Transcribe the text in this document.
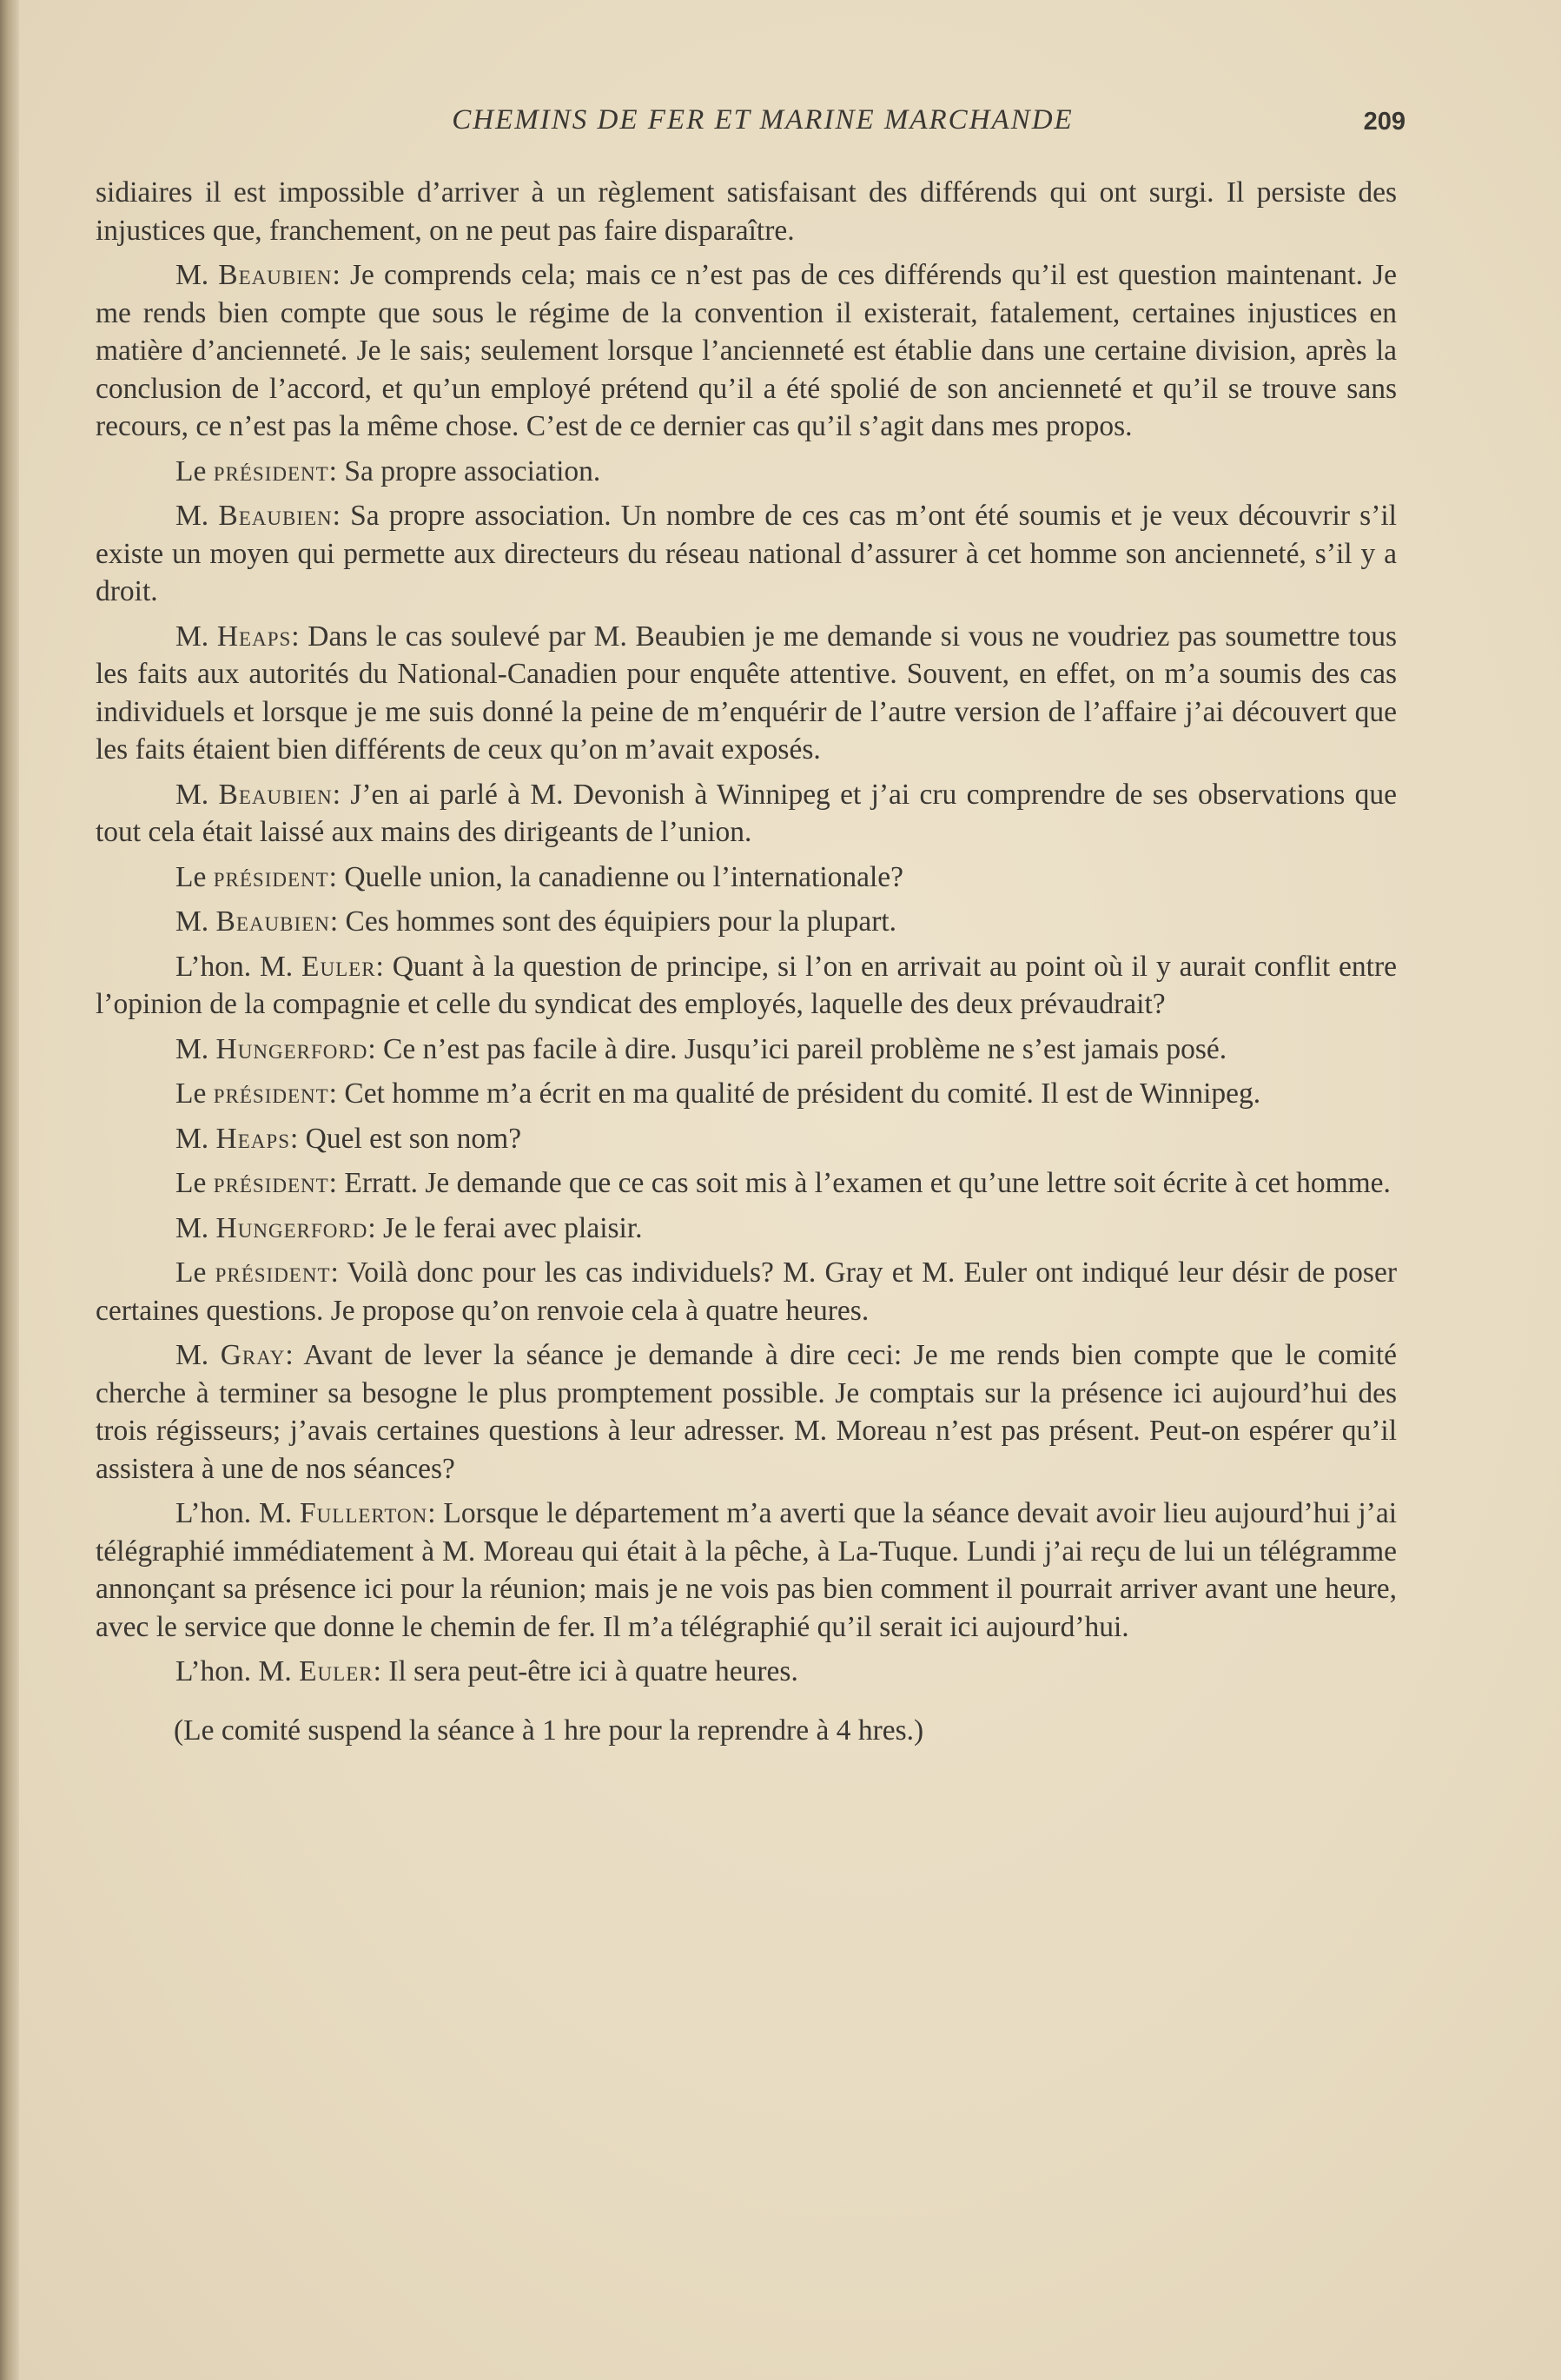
CHEMINS DE FER ET MARINE MARCHANDE	209

sidiaires il est impossible d’arriver à un règlement satisfaisant des différends qui ont surgi. Il persiste des injustices que, franchement, on ne peut pas faire disparaître.

M. Beaubien: Je comprends cela; mais ce n’est pas de ces différends qu’il est question maintenant. Je me rends bien compte que sous le régime de la convention il existerait, fatalement, certaines injustices en matière d’ancienneté. Je le sais; seulement lorsque l’ancienneté est établie dans une certaine division, après la conclusion de l’accord, et qu’un employé prétend qu’il a été spolié de son ancienneté et qu’il se trouve sans recours, ce n’est pas la même chose. C’est de ce dernier cas qu’il s’agit dans mes propos.

Le président: Sa propre association.

M. Beaubien: Sa propre association. Un nombre de ces cas m’ont été soumis et je veux découvrir s’il existe un moyen qui permette aux directeurs du réseau national d’assurer à cet homme son ancienneté, s’il y a droit.

M. Heaps: Dans le cas soulevé par M. Beaubien je me demande si vous ne voudriez pas soumettre tous les faits aux autorités du National-Canadien pour enquête attentive. Souvent, en effet, on m’a soumis des cas individuels et lorsque je me suis donné la peine de m’enquérir de l’autre version de l’affaire j’ai découvert que les faits étaient bien différents de ceux qu’on m’avait exposés.

M. Beaubien: J’en ai parlé à M. Devonish à Winnipeg et j’ai cru comprendre de ses observations que tout cela était laissé aux mains des dirigeants de l’union.

Le président: Quelle union, la canadienne ou l’internationale?

M. Beaubien: Ces hommes sont des équipiers pour la plupart.

L’hon. M. Euler: Quant à la question de principe, si l’on en arrivait au point où il y aurait conflit entre l’opinion de la compagnie et celle du syndicat des employés, laquelle des deux prévaudrait?

M. Hungerford: Ce n’est pas facile à dire. Jusqu’ici pareil problème ne s’est jamais posé.

Le président: Cet homme m’a écrit en ma qualité de président du comité. Il est de Winnipeg.

M. Heaps: Quel est son nom?

Le président: Erratt. Je demande que ce cas soit mis à l’examen et qu’une lettre soit écrite à cet homme.

M. Hungerford: Je le ferai avec plaisir.

Le président: Voilà donc pour les cas individuels? M. Gray et M. Euler ont indiqué leur désir de poser certaines questions. Je propose qu’on renvoie cela à quatre heures.

M. Gray: Avant de lever la séance je demande à dire ceci: Je me rends bien compte que le comité cherche à terminer sa besogne le plus promptement possible. Je comptais sur la présence ici aujourd’hui des trois régisseurs; j’avais certaines questions à leur adresser. M. Moreau n’est pas présent. Peut-on espérer qu’il assistera à une de nos séances?

L’hon. M. Fullerton: Lorsque le département m’a averti que la séance devait avoir lieu aujourd’hui j’ai télégraphié immédiatement à M. Moreau qui était à la pêche, à La-Tuque. Lundi j’ai reçu de lui un télégramme annonçant sa présence ici pour la réunion; mais je ne vois pas bien comment il pourrait arriver avant une heure, avec le service que donne le chemin de fer. Il m’a télégraphié qu’il serait ici aujourd’hui.

L’hon. M. Euler: Il sera peut-être ici à quatre heures.

(Le comité suspend la séance à 1 hre pour la reprendre à 4 hres.)
